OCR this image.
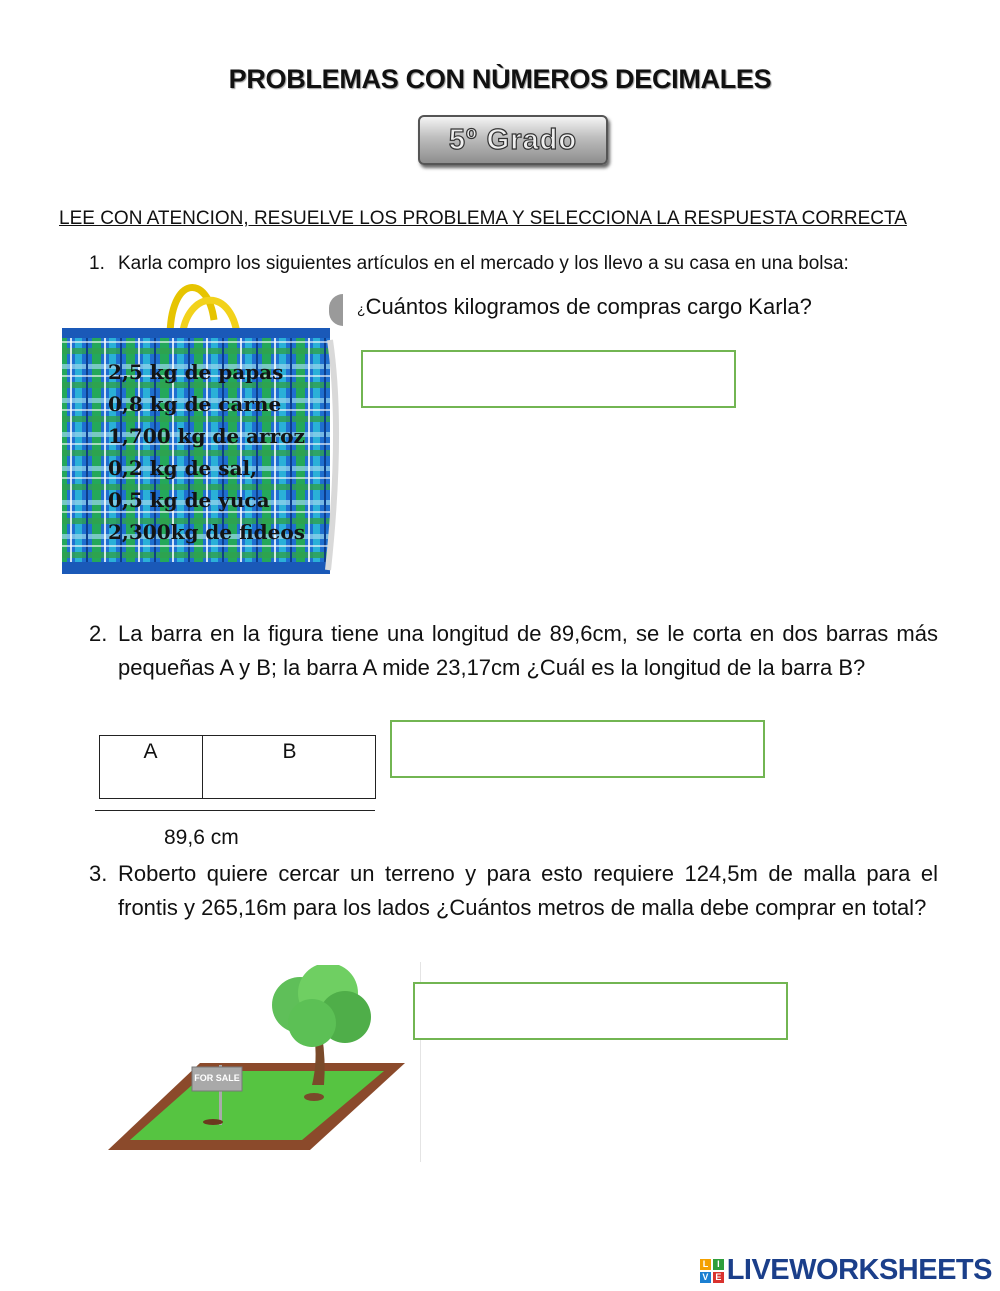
PROBLEMAS CON NÙMEROS DECIMALES
5º Grado
LEE CON ATENCION, RESUELVE LOS PROBLEMA Y SELECCIONA LA RESPUESTA CORRECTA
1. Karla compro los siguientes artículos en el mercado y los llevo a su casa en una bolsa:
2,5 kg de papas
0,8 kg de carne
1,700 kg de arroz
0,2 kg de sal,
0,5 kg de yuca
2,300kg de fideos
¿Cuántos kilogramos de compras cargo Karla?
2. La barra en la figura tiene una longitud de 89,6cm, se le corta en dos barras más pequeñas A y B; la barra A mide 23,17cm ¿Cuál es la longitud de la barra B?
A	B
89,6 cm
3. Roberto quiere cercar un terreno y para esto requiere 124,5m de malla para el frontis y 265,16m para los lados ¿Cuántos metros de malla debe comprar en total?
FOR SALE
L	I
V E LIVEWORKSHEETS
